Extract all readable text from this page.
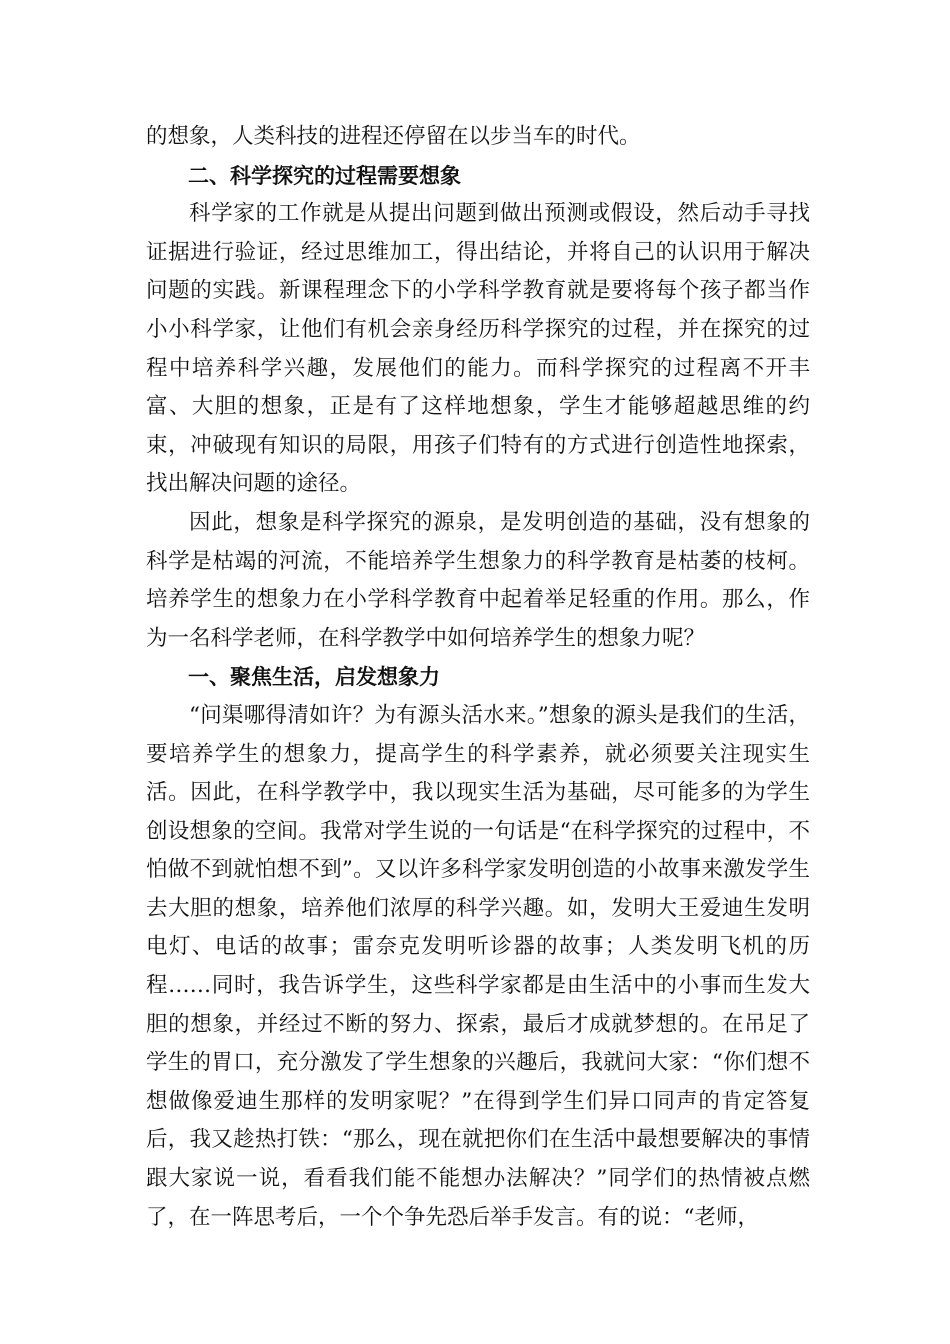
的想象，人类科技的进程还停留在以步当车的时代。

二、科学探究的过程需要想象

科学家的工作就是从提出问题到做出预测或假设，然后动手寻找证据进行验证，经过思维加工，得出结论，并将自己的认识用于解决问题的实践。新课程理念下的小学科学教育就是要将每个孩子都当作小小科学家，让他们有机会亲身经历科学探究的过程，并在探究的过程中培养科学兴趣，发展他们的能力。而科学探究的过程离不开丰富、大胆的想象，正是有了这样地想象，学生才能够超越思维的约束，冲破现有知识的局限，用孩子们特有的方式进行创造性地探索，找出解决问题的途径。

因此，想象是科学探究的源泉，是发明创造的基础，没有想象的科学是枯竭的河流，不能培养学生想象力的科学教育是枯萎的枝柯。培养学生的想象力在小学科学教育中起着举足轻重的作用。那么，作为一名科学老师，在科学教学中如何培养学生的想象力呢？

一、聚焦生活，启发想象力

“问渠哪得清如许？为有源头活水来。”想象的源头是我们的生活，要培养学生的想象力，提高学生的科学素养，就必须要关注现实生活。因此，在科学教学中，我以现实生活为基础，尽可能多的为学生创设想象的空间。我常对学生说的一句话是“在科学探究的过程中，不怕做不到就怕想不到”。又以许多科学家发明创造的小故事来激发学生去大胆的想象，培养他们浓厚的科学兴趣。如，发明大王爱迪生发明电灯、电话的故事；雷奈克发明听诊器的故事；人类发明飞机的历程……同时，我告诉学生，这些科学家都是由生活中的小事而生发大胆的想象，并经过不断的努力、探索，最后才成就梦想的。在吊足了学生的胃口，充分激发了学生想象的兴趣后，我就问大家：“你们想不想做像爱迪生那样的发明家呢？”在得到学生们异口同声的肯定答复后，我又趁热打铁：“那么，现在就把你们在生活中最想要解决的事情跟大家说一说，看看我们能不能想办法解决？”同学们的热情被点燃了，在一阵思考后，一个个争先恐后举手发言。有的说：“老师，
